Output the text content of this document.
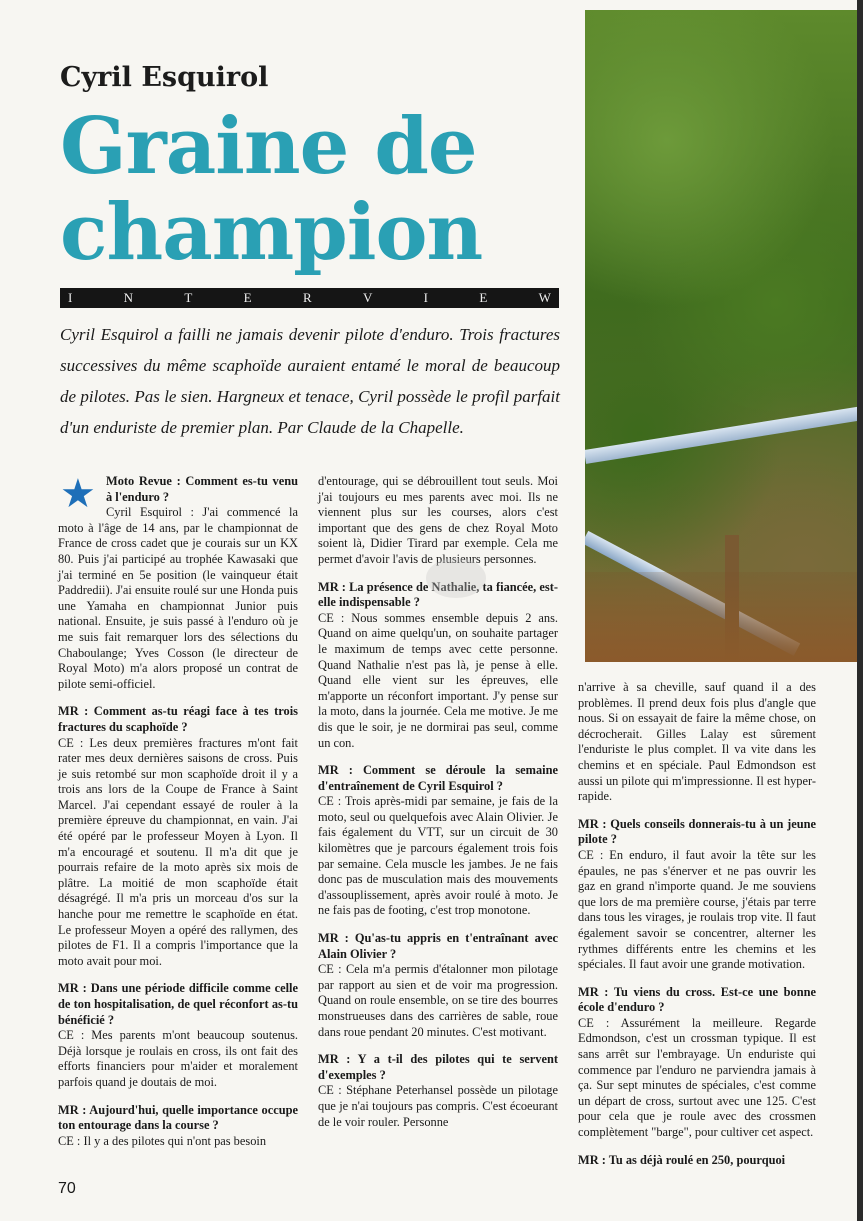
Cyril Esquirol
Graine de
champion
I	N	T	E	R	V	I	E	W
Cyril Esquirol a failli ne jamais devenir pilote d'enduro. Trois fractures successives du même scaphoïde auraient entamé le moral de beaucoup de pilotes. Pas le sien. Hargneux et tenace, Cyril possède le profil parfait d'un enduriste de premier plan. Par Claude de la Chapelle.
★ Moto Revue : Comment es-tu venu à l'enduro ?

Cyril Esquirol : J'ai commencé la moto à l'âge de 14 ans, par le championnat de France de cross cadet que je courais sur un KX 80. Puis j'ai participé au trophée Kawasaki que j'ai terminé en 5e position (le vainqueur était Paddredii). J'ai ensuite roulé sur une Honda puis une Yamaha en championnat Junior puis national. Ensuite, je suis passé à l'enduro où je me suis fait remarquer lors des sélections du Chaboulange; Yves Cosson (le directeur de Royal Moto) m'a alors proposé un contrat de pilote semi-officiel.

MR : Comment as-tu réagi face à tes trois fractures du scaphoïde ?

CE : Les deux premières fractures m'ont fait rater mes deux dernières saisons de cross. Puis je suis retombé sur mon scaphoïde droit il y a trois ans lors de la Coupe de France à Saint Marcel. J'ai cependant essayé de rouler à la première épreuve du championnat, en vain. J'ai été opéré par le professeur Moyen à Lyon. Il m'a encouragé et soutenu. Il m'a dit que je pourrais refaire de la moto après six mois de plâtre. La moitié de mon scaphoïde était désagrégé. Il m'a pris un morceau d'os sur la hanche pour me remettre le scaphoïde en état. Le professeur Moyen a opéré des rallymen, des pilotes de F1. Il a compris l'importance que la moto avait pour moi.

MR : Dans une période difficile comme celle de ton hospitalisation, de quel réconfort as-tu bénéficié ?

CE : Mes parents m'ont beaucoup soutenus. Déjà lorsque je roulais en cross, ils ont fait des efforts financiers pour m'aider et moralement parfois quand je doutais de moi.

MR : Aujourd'hui, quelle importance occupe ton entourage dans la course ?

CE : Il y a des pilotes qui n'ont pas besoin

d'entourage, qui se débrouillent tout seuls. Moi j'ai toujours eu mes parents avec moi. Ils ne viennent plus sur les courses, alors c'est important que des gens de chez Royal Moto soient là, Didier Tirard par exemple. Cela me permet d'avoir l'avis de plusieurs personnes.

MR : La présence de Nathalie, ta fiancée, est-elle indispensable ?

CE : Nous sommes ensemble depuis 2 ans. Quand on aime quelqu'un, on souhaite partager le maximum de temps avec cette personne. Quand Nathalie n'est pas là, je pense à elle. Quand elle vient sur les épreuves, elle m'apporte un réconfort important. J'y pense sur la moto, dans la journée. Cela me motive. Je me dis que le soir, je ne dormirai pas seul, comme un con.

MR : Comment se déroule la semaine d'entraînement de Cyril Esquirol ?

CE : Trois après-midi par semaine, je fais de la moto, seul ou quelquefois avec Alain Olivier. Je fais également du VTT, sur un circuit de 30 kilomètres que je parcours également trois fois par semaine. Cela muscle les jambes. Je ne fais donc pas de musculation mais des mouvements d'assouplissement, après avoir roulé à moto. Je ne fais pas de footing, c'est trop monotone.

MR : Qu'as-tu appris en t'entraînant avec Alain Olivier ?

CE : Cela m'a permis d'étalonner mon pilotage par rapport au sien et de voir ma progression. Quand on roule ensemble, on se tire des bourres monstrueuses dans des carrières de sable, roue dans roue pendant 20 minutes. C'est motivant.

MR : Y a t-il des pilotes qui te servent d'exemples ?

CE : Stéphane Peterhansel possède un pilotage que je n'ai toujours pas compris. C'est écoeurant de le voir rouler. Personne

n'arrive à sa cheville, sauf quand il a des problèmes. Il prend deux fois plus d'angle que nous. Si on essayait de faire la même chose, on décrocherait. Gilles Lalay est sûrement l'enduriste le plus complet. Il va vite dans les chemins et en spéciale. Paul Edmondson est aussi un pilote qui m'impressionne. Il est hyper-rapide.

MR : Quels conseils donnerais-tu à un jeune pilote ?

CE : En enduro, il faut avoir la tête sur les épaules, ne pas s'énerver et ne pas ouvrir les gaz en grand n'importe quand. Je me souviens que lors de ma première course, j'étais par terre dans tous les virages, je roulais trop vite. Il faut également savoir se concentrer, alterner les rythmes différents entre les chemins et les spéciales. Il faut avoir une grande motivation.

MR : Tu viens du cross. Est-ce une bonne école d'enduro ?

CE : Assurément la meilleure. Regarde Edmondson, c'est un crossman typique. Il est sans arrêt sur l'embrayage. Un enduriste qui commence par l'enduro ne parviendra jamais à ça. Sur sept minutes de spéciales, c'est comme un départ de cross, surtout avec une 125. C'est pour cela que je roule avec des crossmen complètement "barge", pour cultiver cet aspect.

MR : Tu as déjà roulé en 250, pourquoi

70
